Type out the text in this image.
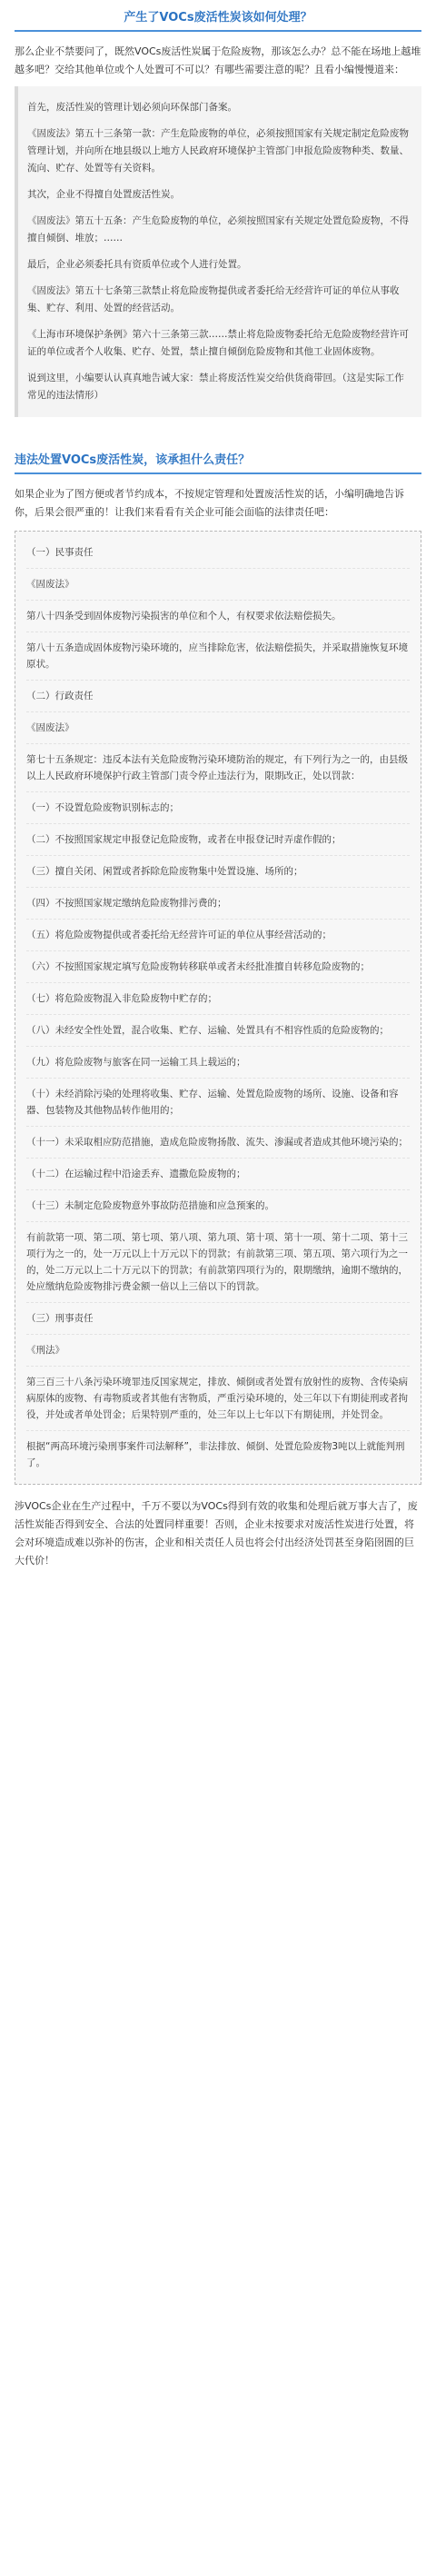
产生了VOCs废活性炭该如何处理？
那么企业不禁要问了，既然VOCs废活性炭属于危险废物，那该怎么办？总不能在场地上越堆越多吧？交给其他单位或个人处置可不可以？有哪些需要注意的呢？且看小编慢慢道来：

首先，废活性炭的管理计划必须向环保部门备案。

《固废法》第五十三条第一款：产生危险废物的单位，必须按照国家有关规定制定危险废物管理计划，并向所在地县级以上地方人民政府环境保护主管部门申报危险废物种类、数量、流向、贮存、处置等有关资料。

其次，企业不得擅自处置废活性炭。

《固废法》第五十五条：产生危险废物的单位，必须按照国家有关规定处置危险废物，不得擅自倾倒、堆放；……

最后，企业必须委托具有资质单位或个人进行处置。

《固废法》第五十七条第三款禁止将危险废物提供或者委托给无经营许可证的单位从事收集、贮存、利用、处置的经营活动。

《上海市环境保护条例》第六十三条第三款……禁止将危险废物委托给无危险废物经营许可证的单位或者个人收集、贮存、处置，禁止擅自倾倒危险废物和其他工业固体废物。

说到这里，小编要认认真真地告诫大家：禁止将废活性炭交给供货商带回。（这是实际工作常见的违法情形）

违法处置VOCs废活性炭，该承担什么责任？
如果企业为了图方便或者节约成本，不按规定管理和处置废活性炭的话，小编明确地告诉你，后果会很严重的！让我们来看看有关企业可能会面临的法律责任吧：

（一）民事责任

《固废法》

第八十四条受到固体废物污染损害的单位和个人，有权要求依法赔偿损失。

第八十五条造成固体废物污染环境的，应当排除危害，依法赔偿损失，并采取措施恢复环境原状。

（二）行政责任

《固废法》

第七十五条规定：违反本法有关危险废物污染环境防治的规定，有下列行为之一的，由县级以上人民政府环境保护行政主管部门责令停止违法行为，限期改正，处以罚款：

（一）不设置危险废物识别标志的；

（二）不按照国家规定申报登记危险废物，或者在申报登记时弄虚作假的；

（三）擅自关闭、闲置或者拆除危险废物集中处置设施、场所的；

（四）不按照国家规定缴纳危险废物排污费的；

（五）将危险废物提供或者委托给无经营许可证的单位从事经营活动的；

（六）不按照国家规定填写危险废物转移联单或者未经批准擅自转移危险废物的；

（七）将危险废物混入非危险废物中贮存的；

（八）未经安全性处置，混合收集、贮存、运输、处置具有不相容性质的危险废物的；

（九）将危险废物与旅客在同一运输工具上载运的；

（十）未经消除污染的处理将收集、贮存、运输、处置危险废物的场所、设施、设备和容器、包装物及其他物品转作他用的；

（十一）未采取相应防范措施，造成危险废物扬散、流失、渗漏或者造成其他环境污染的；

（十二）在运输过程中沿途丢弃、遗撒危险废物的；

（十三）未制定危险废物意外事故防范措施和应急预案的。

有前款第一项、第二项、第七项、第八项、第九项、第十项、第十一项、第十二项、第十三项行为之一的，处一万元以上十万元以下的罚款；有前款第三项、第五项、第六项行为之一的，处二万元以上二十万元以下的罚款；有前款第四项行为的，限期缴纳，逾期不缴纳的，处应缴纳危险废物排污费金额一倍以上三倍以下的罚款。

（三）刑事责任

《刑法》

第三百三十八条污染环境罪违反国家规定，排放、倾倒或者处置有放射性的废物、含传染病病原体的废物、有毒物质或者其他有害物质，严重污染环境的，处三年以下有期徒刑或者拘役，并处或者单处罚金；后果特别严重的，处三年以上七年以下有期徒刑，并处罚金。

根据“两高环境污染刑事案件司法解释”，非法排放、倾倒、处置危险废物3吨以上就能判刑了。

涉VOCs企业在生产过程中，千万不要以为VOCs得到有效的收集和处理后就万事大吉了，废活性炭能否得到安全、合法的处置同样重要！否则，企业未按要求对废活性炭进行处置，将会对环境造成难以弥补的伤害，企业和相关责任人员也将会付出经济处罚甚至身陷囹圄的巨大代价！
